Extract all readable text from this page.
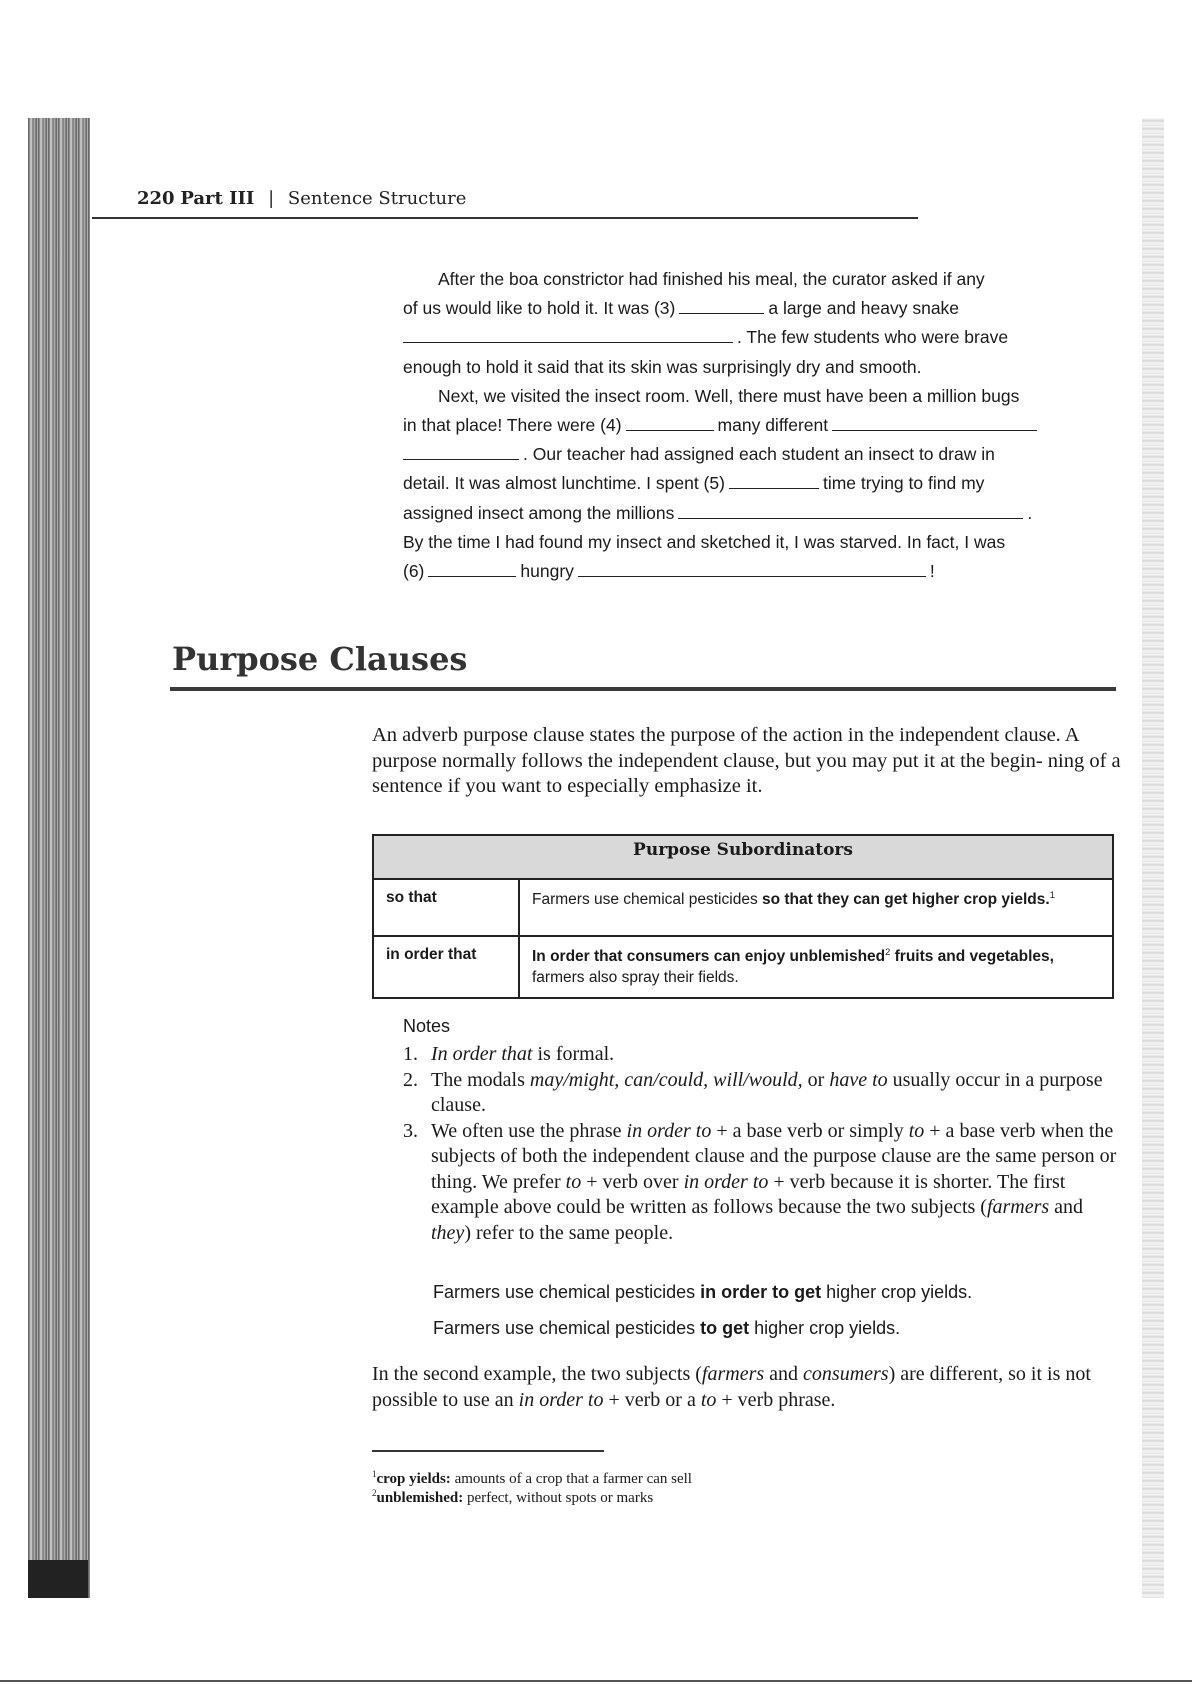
220 Part III | Sentence Structure
After the boa constrictor had finished his meal, the curator asked if any
of us would like to hold it. It was (3)	a large and heavy snake
. The few students who were brave
enough to hold it said that its skin was surprisingly dry and smooth.
Next, we visited the insect room. Well, there must have been a million bugs
in that place! There were (4)	many different
. Our teacher had assigned each student an insect to draw in
detail. It was almost lunchtime. I spent (5)	time trying to find my
assigned insect among the millions	.
By the time I had found my insect and sketched it, I was starved. In fact, I was
(6)	hungry	!
Purpose Clauses
An adverb purpose clause states the purpose of the action in the independent clause. A purpose normally follows the independent clause, but you may put it at the begin- ning of a sentence if you want to especially emphasize it.
Purpose Subordinators	
so that	Farmers use chemical pesticides so that they can get higher crop yields.$^1$
in order that	In order that consumers can enjoy unblemished$^2$ fruits and vegetables, farmers also spray their fields.
Notes
1. In order that is formal.
2. The modals may/might, can/could, will/would, or have to usually occur in a purpose clause.
3. We often use the phrase in order to + a base verb or simply to + a base verb when the subjects of both the independent clause and the purpose clause are the same person or thing. We prefer to + verb over in order to + verb because it is shorter. The first example above could be written as follows because the two subjects (farmers and they) refer to the same people.
Farmers use chemical pesticides in order to get higher crop yields.
Farmers use chemical pesticides to get higher crop yields.
In the second example, the two subjects (farmers and consumers) are different, so it is not possible to use an in order to + verb or a to + verb phrase.
$^1$crop yields: amounts of a crop that a farmer can sell
$^2$unblemished: perfect, without spots or marks
